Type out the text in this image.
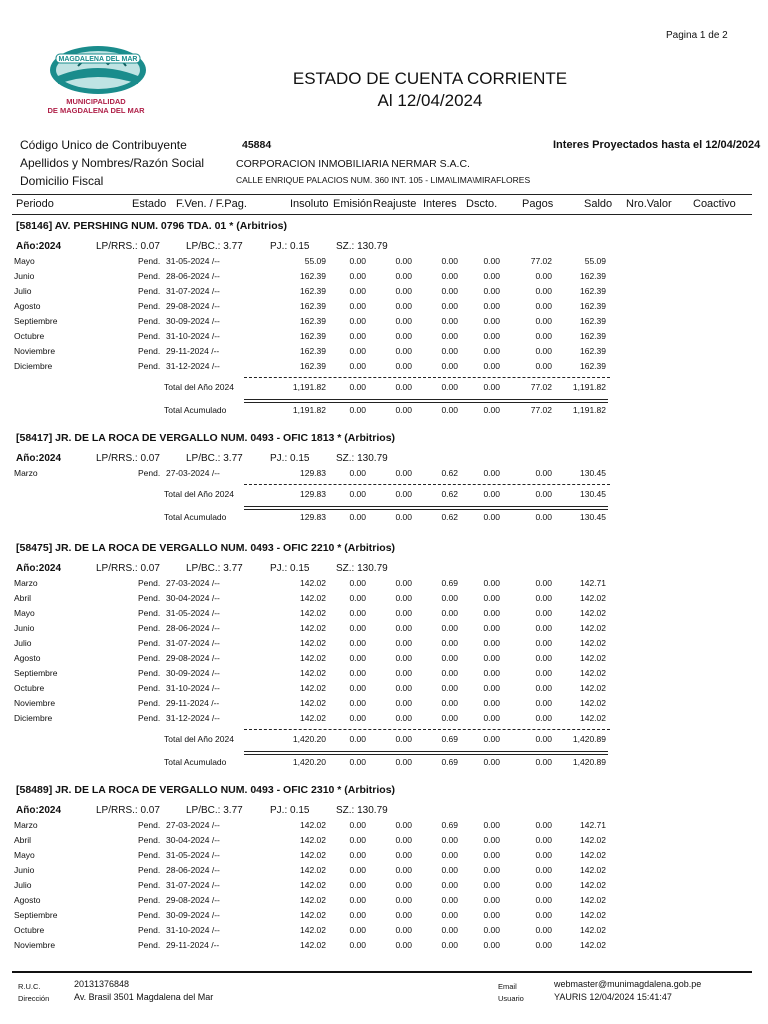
Pagina 1 de 2
MAGDALENA DEL MAR
MUNICIPALIDAD
DE MAGDALENA DEL MAR
ESTADO DE CUENTA CORRIENTE
Al 12/04/2024
Código Unico de Contribuyente	45884	Interes Proyectados hasta el 12/04/2024
Apellidos y Nombres/Razón Social	CORPORACION INMOBILIARIA NERMAR S.A.C.
Domicilio Fiscal	CALLE ENRIQUE PALACIOS NUM. 360 INT. 105 - LIMA\LIMA\MIRAFLORES
Periodo	Estado F.Ven. / F.Pag.	Insoluto Emisión Reajuste Interes Dscto. Pagos	Saldo Nro.Valor Coactivo
[58146] AV. PERSHING NUM. 0796 TDA. 01 * (Arbitrios)
Año:2024	LP/RRS.: 0.07	LP/BC.: 3.77	PJ.: 0.15	SZ.: 130.79
Mayo	Pend. 31-05-2024 /--	55.09	0.00	0.00	0.00	0.00	77.02	55.09
Junio	Pend. 28-06-2024 /--	162.39	0.00	0.00	0.00	0.00	0.00	162.39
Julio	Pend. 31-07-2024 /--	162.39	0.00	0.00	0.00	0.00	0.00	162.39
Agosto	Pend. 29-08-2024 /--	162.39	0.00	0.00	0.00	0.00	0.00	162.39
Septiembre	Pend. 30-09-2024 /--	162.39	0.00	0.00	0.00	0.00	0.00	162.39
Octubre	Pend. 31-10-2024 /--	162.39	0.00	0.00	0.00	0.00	0.00	162.39
Noviembre	Pend. 29-11-2024 /--	162.39	0.00	0.00	0.00	0.00	0.00	162.39
Diciembre	Pend. 31-12-2024 /--	162.39	0.00	0.00	0.00	0.00	0.00	162.39
Total del Año 2024	1,191.82	0.00	0.00	0.00	0.00	77.02	1,191.82
Total Acumulado	1,191.82	0.00	0.00	0.00	0.00	77.02	1,191.82
[58417] JR. DE LA ROCA DE VERGALLO NUM. 0493 - OFIC 1813 * (Arbitrios)
Año:2024	LP/RRS.: 0.07	LP/BC.: 3.77	PJ.: 0.15	SZ.: 130.79
Marzo	Pend. 27-03-2024 /--	129.83	0.00	0.00	0.62	0.00	0.00	130.45
Total del Año 2024	129.83	0.00	0.00	0.62	0.00	0.00	130.45
Total Acumulado	129.83	0.00	0.00	0.62	0.00	0.00	130.45
[58475] JR. DE LA ROCA DE VERGALLO NUM. 0493 - OFIC 2210 * (Arbitrios)
Año:2024	LP/RRS.: 0.07	LP/BC.: 3.77	PJ.: 0.15	SZ.: 130.79
Marzo	Pend. 27-03-2024 /--	142.02	0.00	0.00	0.69	0.00	0.00	142.71
Abril	Pend. 30-04-2024 /--	142.02	0.00	0.00	0.00	0.00	0.00	142.02
Mayo	Pend. 31-05-2024 /--	142.02	0.00	0.00	0.00	0.00	0.00	142.02
Junio	Pend. 28-06-2024 /--	142.02	0.00	0.00	0.00	0.00	0.00	142.02
Julio	Pend. 31-07-2024 /--	142.02	0.00	0.00	0.00	0.00	0.00	142.02
Agosto	Pend. 29-08-2024 /--	142.02	0.00	0.00	0.00	0.00	0.00	142.02
Septiembre	Pend. 30-09-2024 /--	142.02	0.00	0.00	0.00	0.00	0.00	142.02
Octubre	Pend. 31-10-2024 /--	142.02	0.00	0.00	0.00	0.00	0.00	142.02
Noviembre	Pend. 29-11-2024 /--	142.02	0.00	0.00	0.00	0.00	0.00	142.02
Diciembre	Pend. 31-12-2024 /--	142.02	0.00	0.00	0.00	0.00	0.00	142.02
Total del Año 2024	1,420.20	0.00	0.00	0.69	0.00	0.00	1,420.89
Total Acumulado	1,420.20	0.00	0.00	0.69	0.00	0.00	1,420.89
[58489] JR. DE LA ROCA DE VERGALLO NUM. 0493 - OFIC 2310 * (Arbitrios)
Año:2024	LP/RRS.: 0.07	LP/BC.: 3.77	PJ.: 0.15	SZ.: 130.79
Marzo	Pend. 27-03-2024 /--	142.02	0.00	0.00	0.69	0.00	0.00	142.71
Abril	Pend. 30-04-2024 /--	142.02	0.00	0.00	0.00	0.00	0.00	142.02
Mayo	Pend. 31-05-2024 /--	142.02	0.00	0.00	0.00	0.00	0.00	142.02
Junio	Pend. 28-06-2024 /--	142.02	0.00	0.00	0.00	0.00	0.00	142.02
Julio	Pend. 31-07-2024 /--	142.02	0.00	0.00	0.00	0.00	0.00	142.02
Agosto	Pend. 29-08-2024 /--	142.02	0.00	0.00	0.00	0.00	0.00	142.02
Septiembre	Pend. 30-09-2024 /--	142.02	0.00	0.00	0.00	0.00	0.00	142.02
Octubre	Pend. 31-10-2024 /--	142.02	0.00	0.00	0.00	0.00	0.00	142.02
Noviembre	Pend. 29-11-2024 /--	142.02	0.00	0.00	0.00	0.00	0.00	142.02
R.U.C.	20131376848
Dirección	Av. Brasil 3501 Magdalena del Mar
Email	webmaster@munimagdalena.gob.pe
Usuario	YAURIS 12/04/2024 15:41:47
